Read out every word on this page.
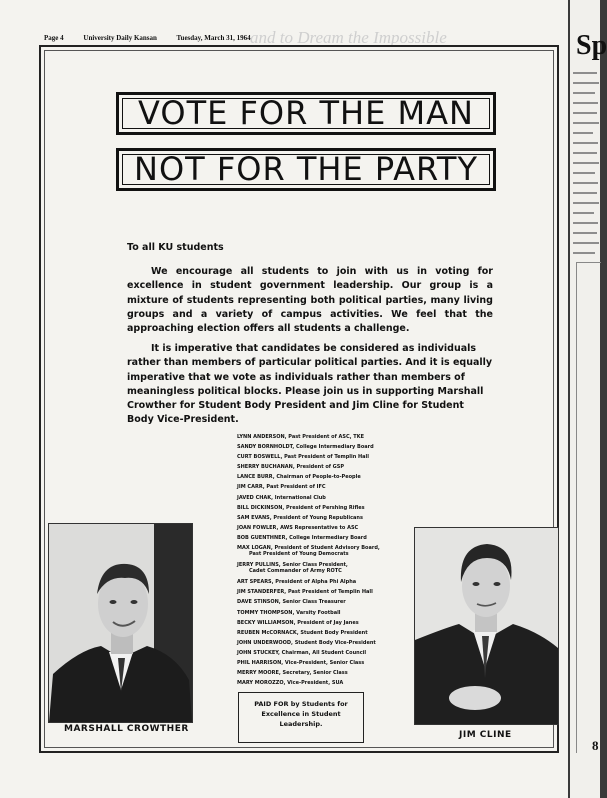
Page 4	University Daily Kansan	Tuesday, March 31, 1964 and to Dream the Impossible
VOTE FOR THE MAN
NOT FOR THE PARTY
To all KU students
We encourage all students to join with us in voting for excellence in student government leadership. Our group is a mixture of students representing both political parties, many living groups and a variety of campus activities. We feel that the approaching election offers all students a challenge.
It is imperative that candidates be considered as individuals rather than members of particular political parties. And it is equally imperative that we vote as individuals rather than members of meaningless political blocks. Please join us in supporting Marshall Crowther for Student Body President and Jim Cline for Student Body Vice-President.
LYNN ANDERSON, Past President of ASC, TKE
SANDY BORNHOLDT, College Intermediary Board
CURT BOSWELL, Past President of Templin Hall
SHERRY BUCHANAN, President of GSP
LANCE BURR, Chairman of People-to-People
JIM CARR, Past President of IFC
JAVED CHAK, International Club
BILL DICKINSON, President of Pershing Rifles
SAM EVANS, President of Young Republicans
JOAN FOWLER, AWS Representative to ASC
BOB GUENTHNER, College Intermediary Board
MAX LOGAN, President of Student Advisory Board,
Past President of Young Democrats
JERRY PULLINS, Senior Class President,
Cadet Commander of Army ROTC
ART SPEARS, President of Alpha Phi Alpha
JIM STANDERFER, Past President of Templin Hall
DAVE STINSON, Senior Class Treasurer
TOMMY THOMPSON, Varsity Football
BECKY WILLIAMSON, President of Jay Janes
REUBEN McCORNACK, Student Body President
JOHN UNDERWOOD, Student Body Vice-President
JOHN STUCKEY, Chairman, All Student Council
PHIL HARRISON, Vice-President, Senior Class
MERRY MOORE, Secretary, Senior Class
MARY MOROZZO, Vice-President, SUA
MARSHALL CROWTHER
JIM CLINE
PAID FOR by Students for
Excellence in Student
Leadership.
Sp
8
